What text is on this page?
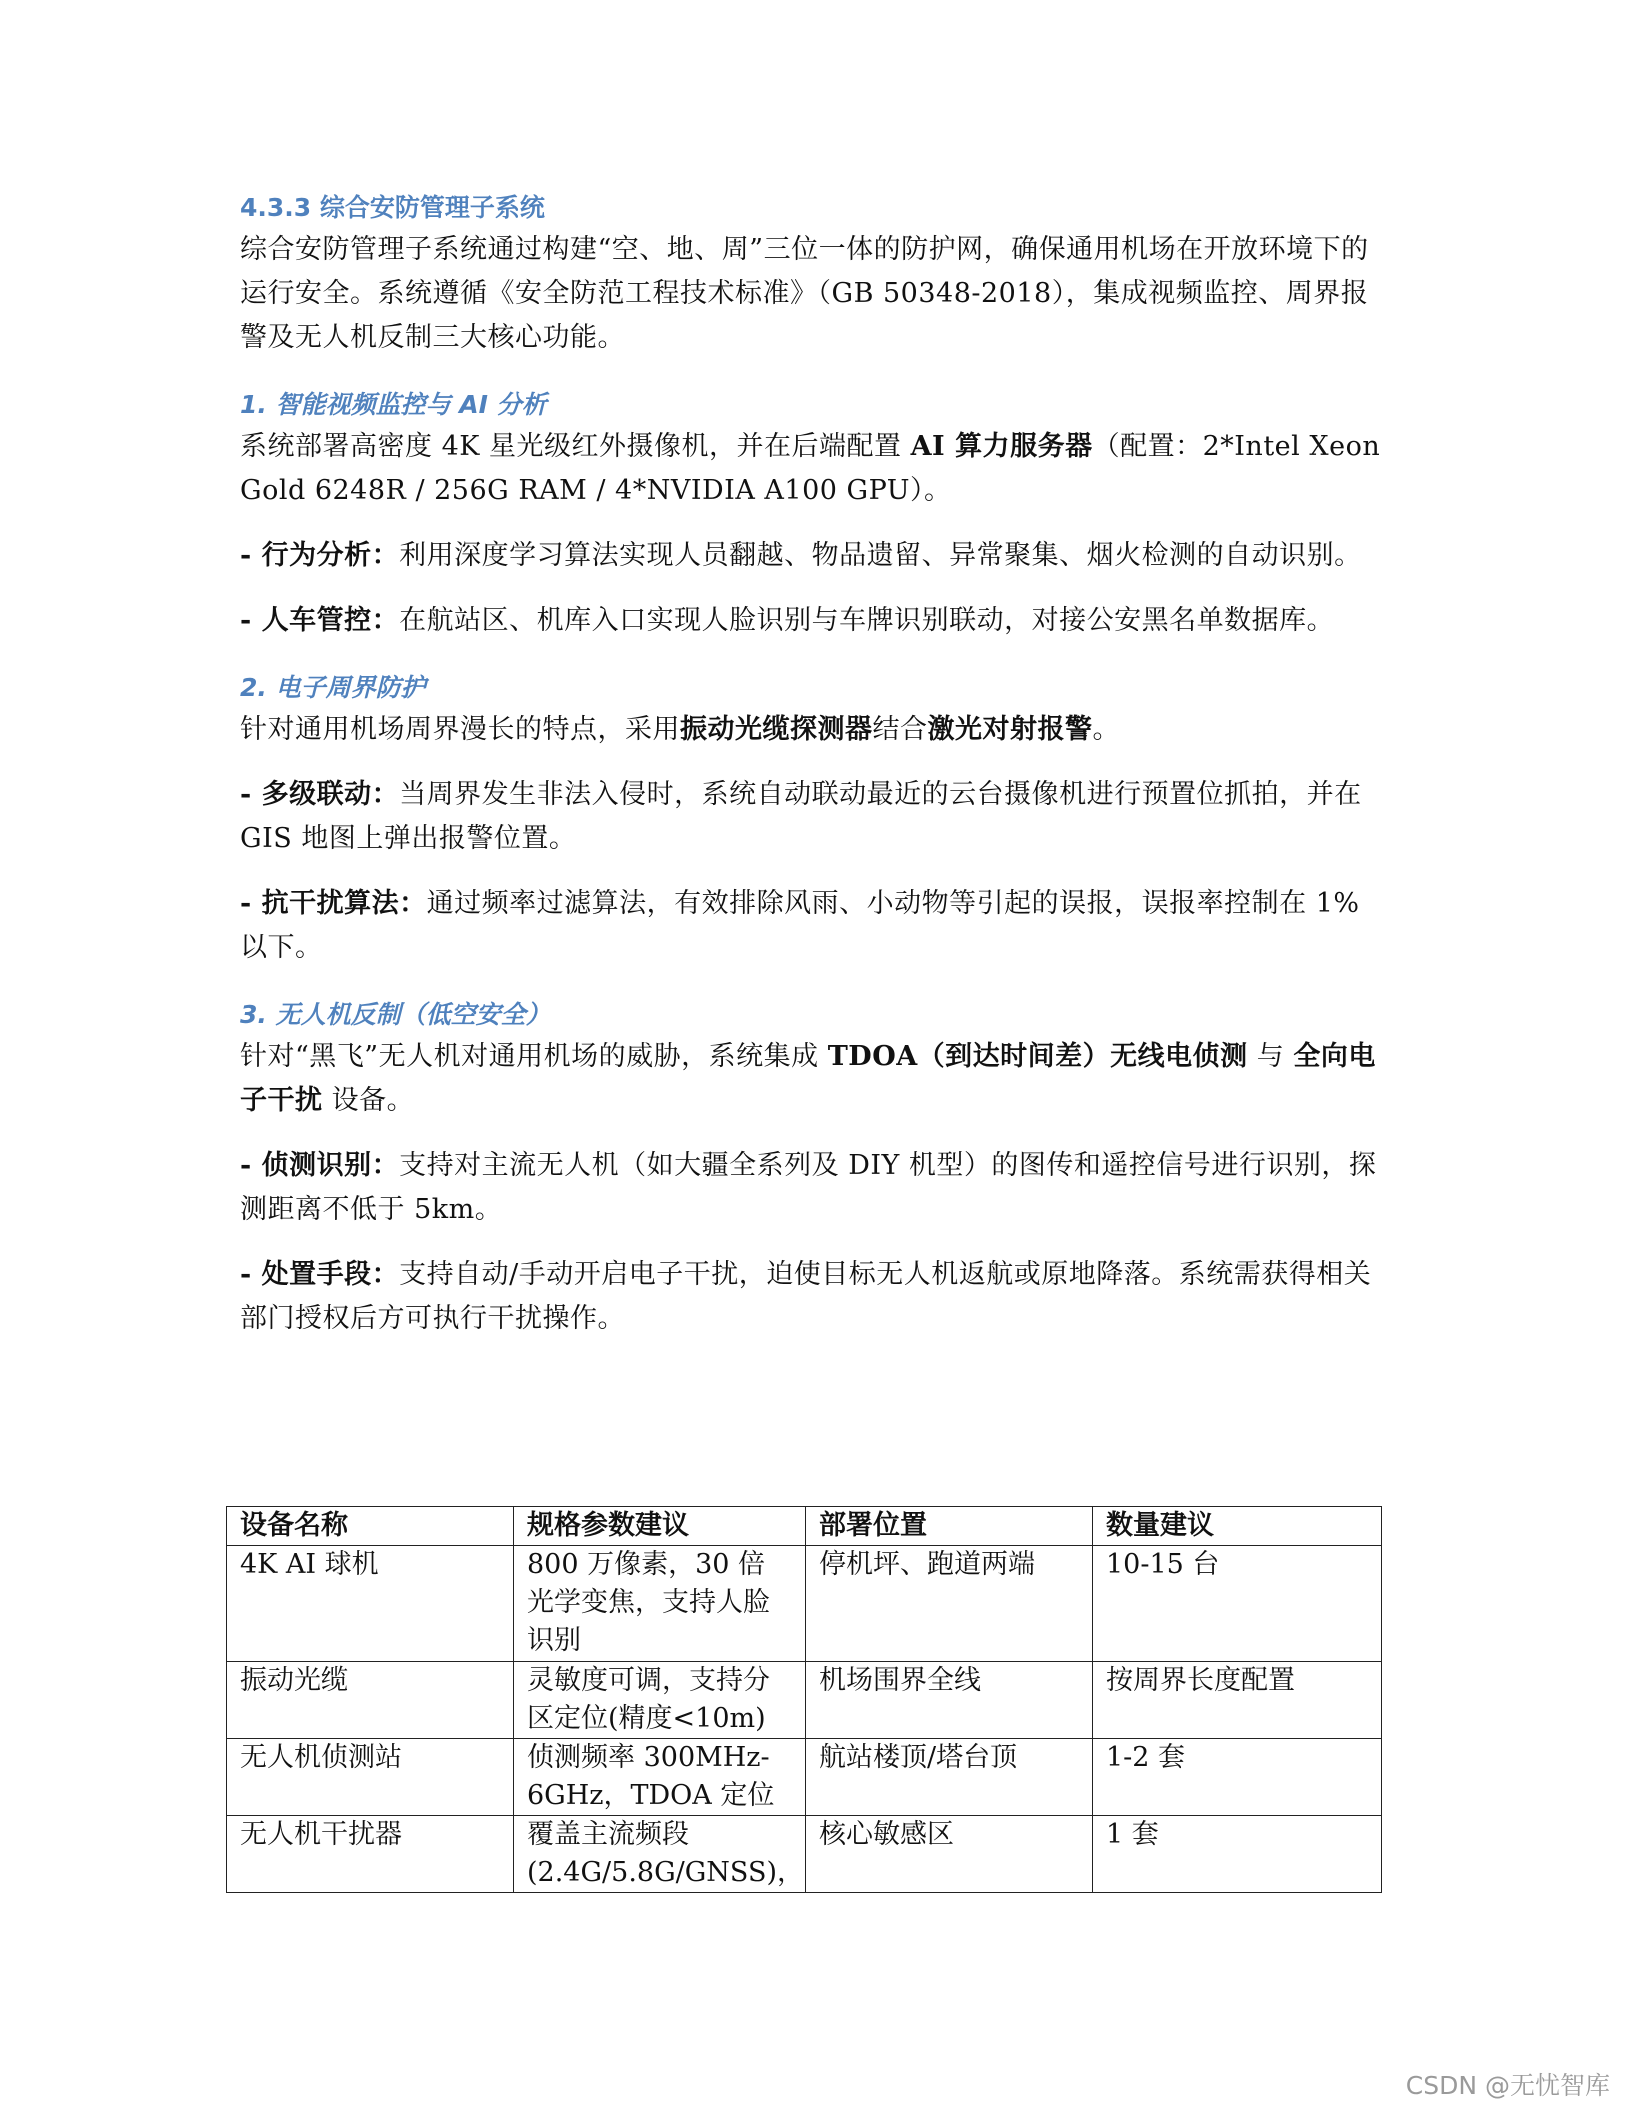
4.3.3 综合安防管理子系统

综合安防管理子系统通过构建“空、地、周”三位一体的防护网，确保通用机场在开放环境下的运行安全。系统遵循《安全防范工程技术标准》（GB 50348-2018），集成视频监控、周界报警及无人机反制三大核心功能。

1. 智能视频监控与 AI 分析

系统部署高密度 4K 星光级红外摄像机，并在后端配置 AI 算力服务器（配置：2*Intel Xeon Gold 6248R / 256G RAM / 4*NVIDIA A100 GPU）。

- 行为分析：利用深度学习算法实现人员翻越、物品遗留、异常聚集、烟火检测的自动识别。

- 人车管控：在航站区、机库入口实现人脸识别与车牌识别联动，对接公安黑名单数据库。

2. 电子周界防护

针对通用机场周界漫长的特点，采用振动光缆探测器结合激光对射报警。

- 多级联动：当周界发生非法入侵时，系统自动联动最近的云台摄像机进行预置位抓拍，并在 GIS 地图上弹出报警位置。

- 抗干扰算法：通过频率过滤算法，有效排除风雨、小动物等引起的误报，误报率控制在 1% 以下。

3. 无人机反制（低空安全）

针对“黑飞”无人机对通用机场的威胁，系统集成 TDOA（到达时间差）无线电侦测 与 全向电子干扰 设备。

- 侦测识别：支持对主流无人机（如大疆全系列及 DIY 机型）的图传和遥控信号进行识别，探测距离不低于 5km。

- 处置手段：支持自动/手动开启电子干扰，迫使目标无人机返航或原地降落。系统需获得相关部门授权后方可执行干扰操作。

设备名称	规格参数建议	部署位置	数量建议
4K AI 球机	800 万像素，30 倍光学变焦，支持人脸识别	停机坪、跑道两端	10-15 台
振动光缆	灵敏度可调，支持分区定位(精度<10m)	机场围界全线	按周界长度配置
无人机侦测站	侦测频率 300MHz-6GHz，TDOA 定位	航站楼顶/塔台顶	1-2 套
无人机干扰器	覆盖主流频段(2.4G/5.8G/GNSS)，	核心敏感区	1 套
CSDN @无忧智库
